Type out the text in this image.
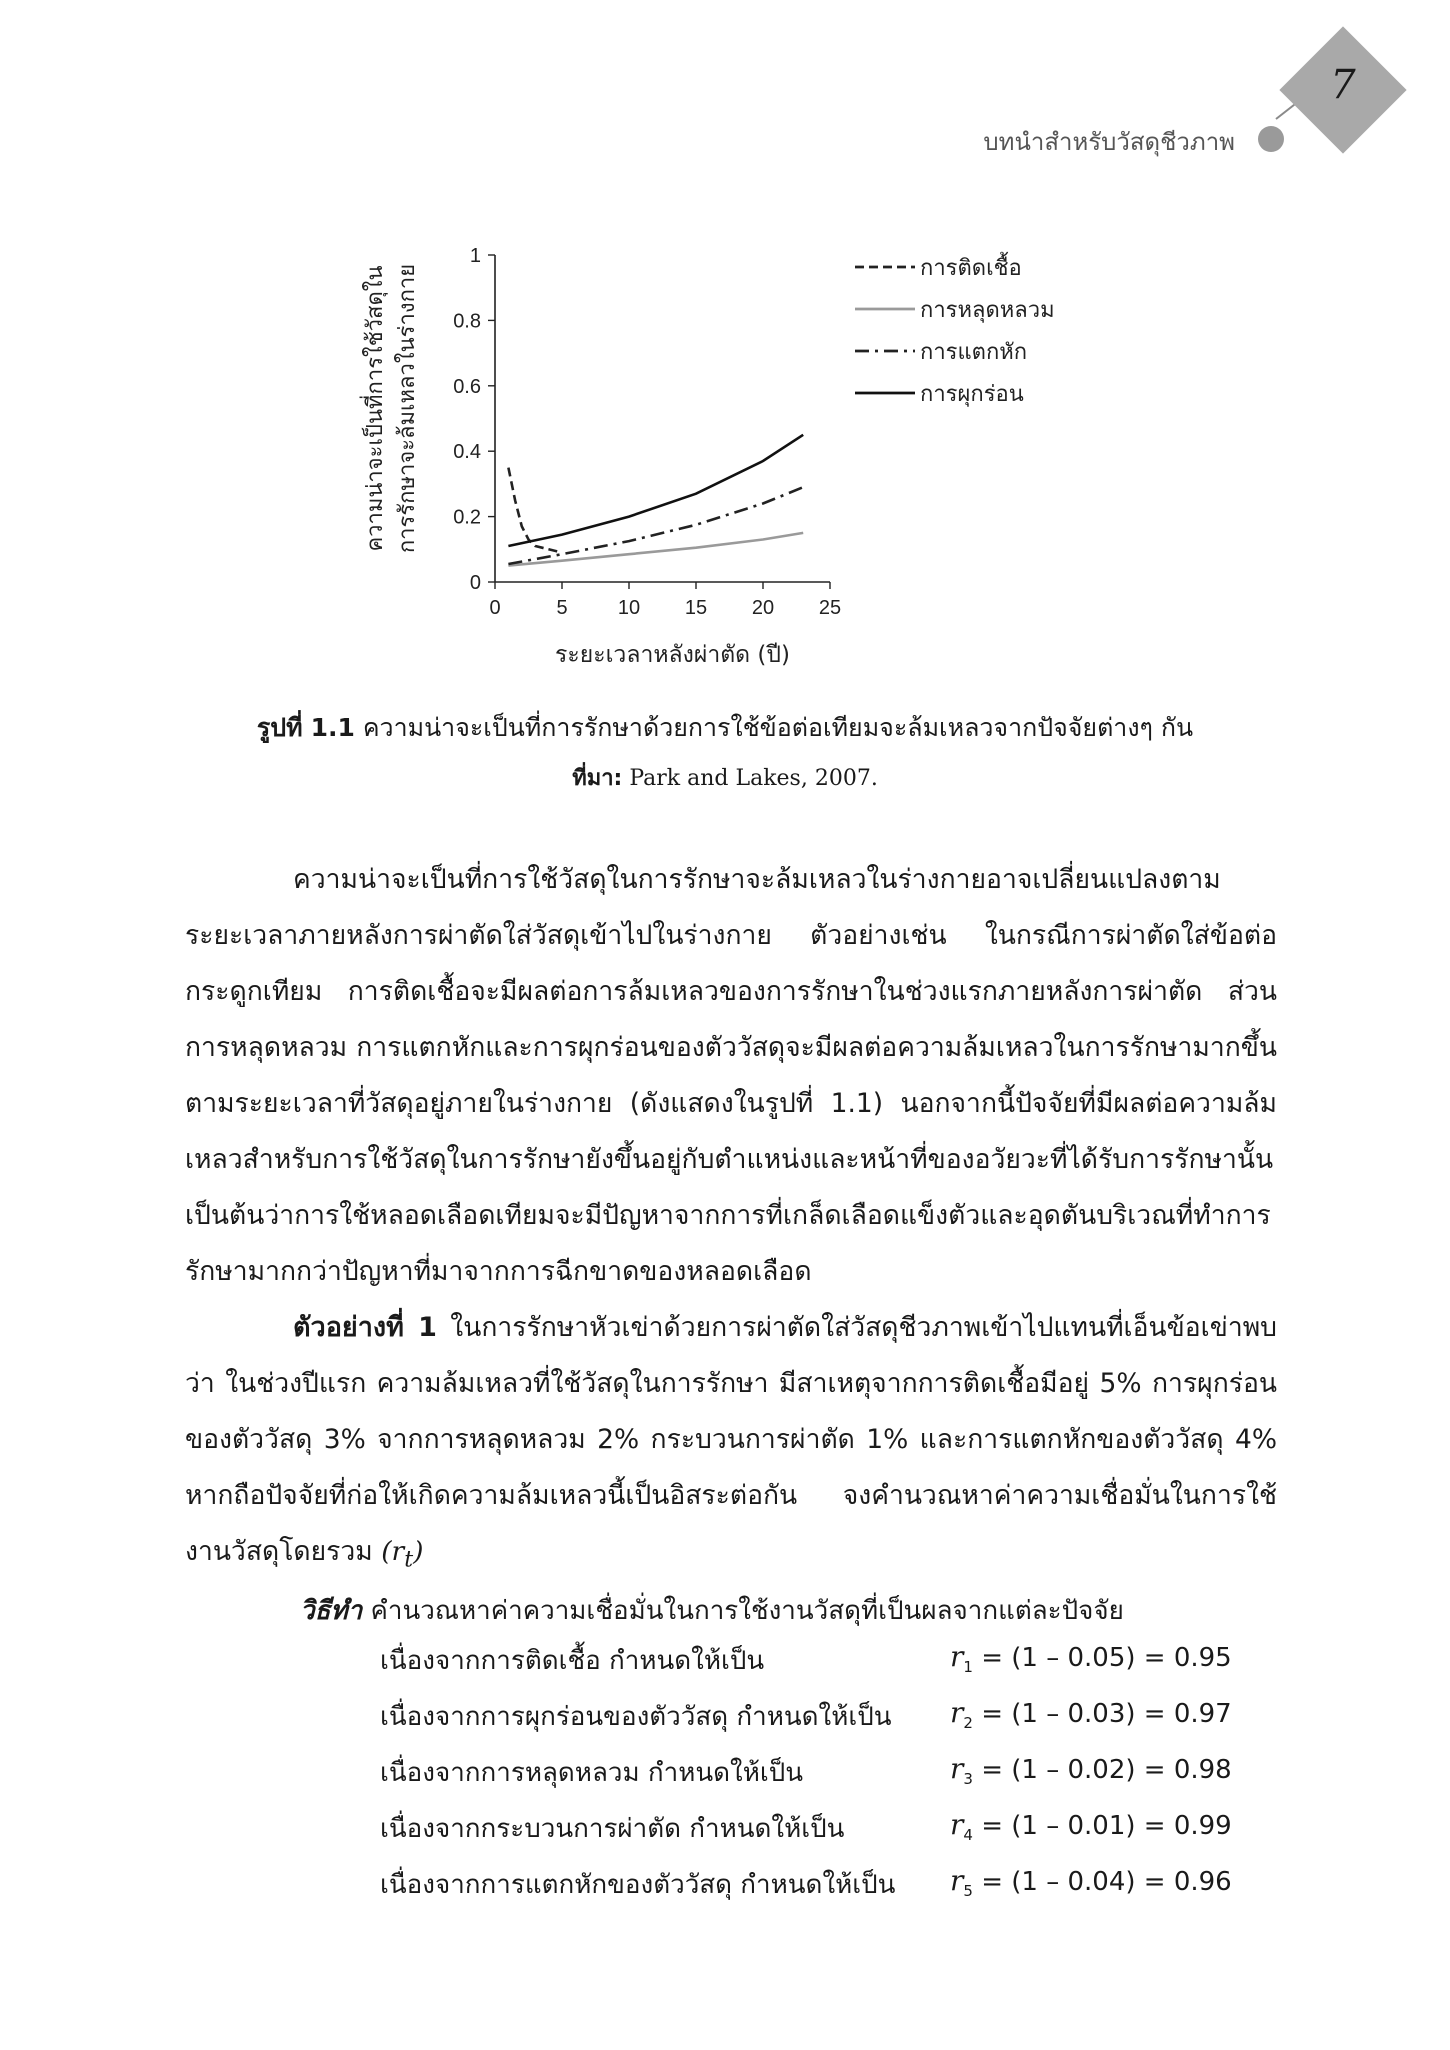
7
บทนำสำหรับวัสดุชีวภาพ
0
0.2
0.4
0.6
0.8
1
0	5	10 15 20 25
การติดเชื้อ
การหลุดหลวม
การแตกหัก
การผุกร่อน
ระยะเวลาหลังผ่าตัด (ปี)
ความน่าจะเป็นที่การใช้วัสดุใน การรักษาจะล้มเหลวในร่างกาย
รูปที่ 1.1 ความน่าจะเป็นที่การรักษาด้วยการใช้ข้อต่อเทียมจะล้มเหลวจากปัจจัยต่างๆ กัน
ที่มา: Park and Lakes, 2007.
ความน่าจะเป็นที่การใช้วัสดุในการรักษาจะล้มเหลวในร่างกายอาจเปลี่ยนแปลงตามระยะเวลาภายหลังการผ่าตัดใส่วัสดุเข้าไปในร่างกาย ตัวอย่างเช่น ในกรณีการผ่าตัดใส่ข้อต่อกระดูกเทียม การติดเชื้อจะมีผลต่อการล้มเหลวของการรักษาในช่วงแรกภายหลังการผ่าตัด ส่วนการหลุดหลวม การแตกหักและการผุกร่อนของตัววัสดุจะมีผลต่อความล้มเหลวในการรักษามากขึ้นตามระยะเวลาที่วัสดุอยู่ภายในร่างกาย (ดังแสดงในรูปที่ 1.1) นอกจากนี้ปัจจัยที่มีผลต่อความล้มเหลวสำหรับการใช้วัสดุในการรักษายังขึ้นอยู่กับตำแหน่งและหน้าที่ของอวัยวะที่ได้รับการรักษานั้น เป็นต้นว่าการใช้หลอดเลือดเทียมจะมีปัญหาจากการที่เกล็ดเลือดแข็งตัวและอุดตันบริเวณที่ทำการรักษามากกว่าปัญหาที่มาจากการฉีกขาดของหลอดเลือด
ตัวอย่างที่ 1 ในการรักษาหัวเข่าด้วยการผ่าตัดใส่วัสดุชีวภาพเข้าไปแทนที่เอ็นข้อเข่าพบว่า ในช่วงปีแรก ความล้มเหลวที่ใช้วัสดุในการรักษา มีสาเหตุจากการติดเชื้อมีอยู่ 5% การผุกร่อนของตัววัสดุ 3% จากการหลุดหลวม 2% กระบวนการผ่าตัด 1% และการแตกหักของตัววัสดุ 4% หากถือปัจจัยที่ก่อให้เกิดความล้มเหลวนี้เป็นอิสระต่อกัน จงคำนวณหาค่าความเชื่อมั่นในการใช้งานวัสดุโดยรวม $(r_t)$
วิธีทำ คำนวณหาค่าความเชื่อมั่นในการใช้งานวัสดุที่เป็นผลจากแต่ละปัจจัย
เนื่องจากการติดเชื้อ กำหนดให้เป็น	$r_1 = (1 - 0.05) = 0.95$
เนื่องจากการผุกร่อนของตัววัสดุ กำหนดให้เป็น $r_2 = (1 - 0.03) = 0.97$
เนื่องจากการหลุดหลวม กำหนดให้เป็น	$r_3 = (1 - 0.02) = 0.98$
เนื่องจากกระบวนการผ่าตัด กำหนดให้เป็น	$r_4 = (1 - 0.01) = 0.99$
เนื่องจากการแตกหักของตัววัสดุ กำหนดให้เป็น $r_5 = (1 - 0.04) = 0.96$
